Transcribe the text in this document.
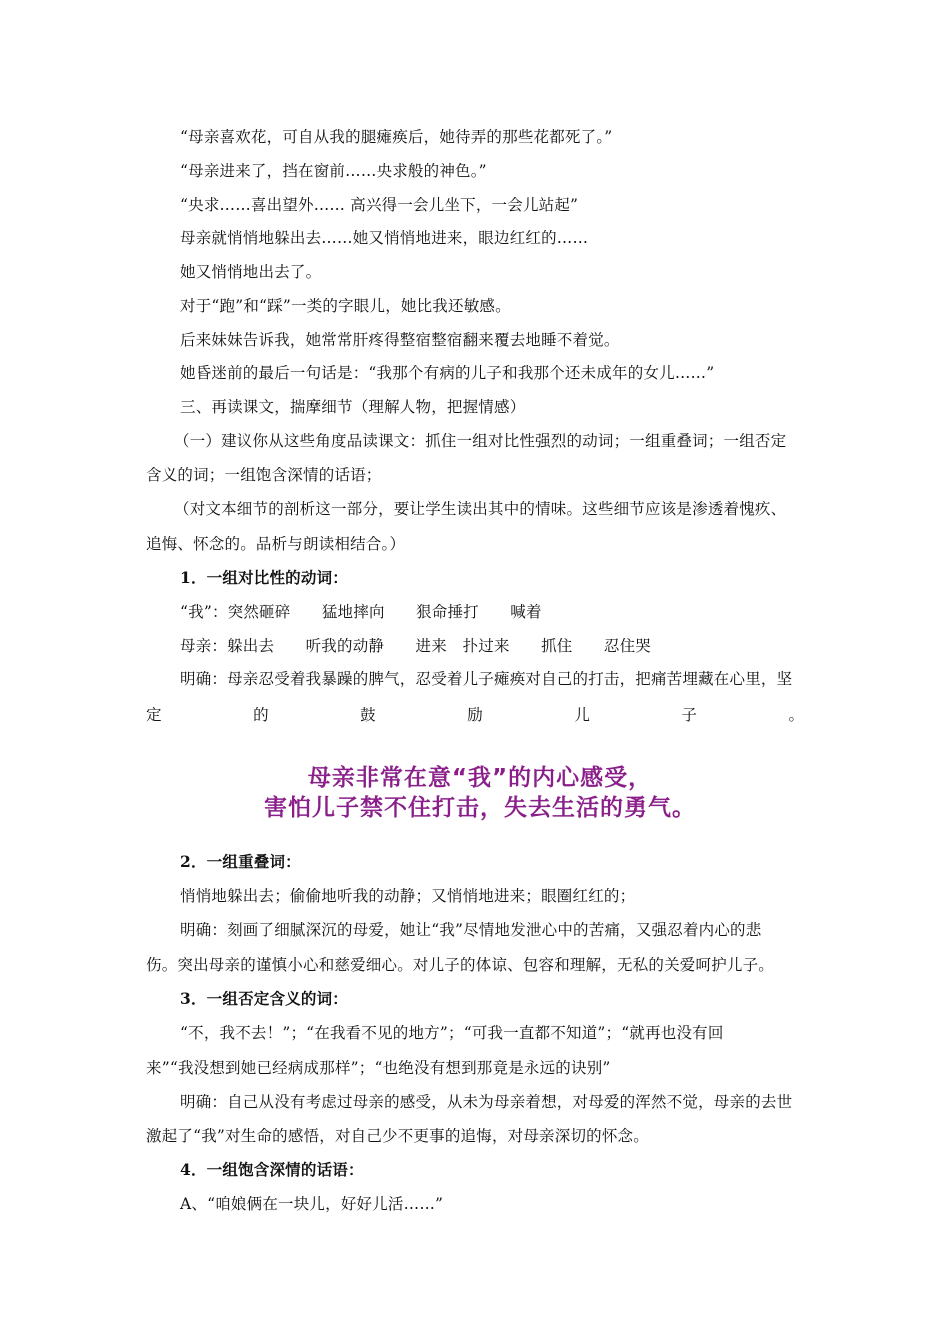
“母亲喜欢花，可自从我的腿瘫痪后，她待弄的那些花都死了。”
“母亲进来了，挡在窗前……央求般的神色。”
“央求……喜出望外…… 高兴得一会儿坐下，一会儿站起”
母亲就悄悄地躲出去……她又悄悄地进来，眼边红红的……
她又悄悄地出去了。
对于“跑”和“踩”一类的字眼儿，她比我还敏感。
后来妹妹告诉我，她常常肝疼得整宿整宿翻来覆去地睡不着觉。
她昏迷前的最后一句话是：“我那个有病的儿子和我那个还未成年的女儿……”
三、再读课文，揣摩细节（理解人物，把握情感）
（一）建议你从这些角度品读课文：抓住一组对比性强烈的动词；一组重叠词；一组否定
含义的词；一组饱含深情的话语；
（对文本细节的剖析这一部分，要让学生读出其中的情味。这些细节应该是渗透着愧疚、
追悔、怀念的。品析与朗读相结合。）
1．一组对比性的动词：
“我”：突然砸碎　　猛地摔向　　狠命捶打　　喊着
母亲：躲出去　　听我的动静　　进来　扑过来　　抓住　　忍住哭
明确：母亲忍受着我暴躁的脾气，忍受着儿子瘫痪对自己的打击，把痛苦埋藏在心里，坚
定	的	鼓	励	儿	子	。
母亲非常在意“我”的内心感受，
害怕儿子禁不住打击，失去生活的勇气。
2．一组重叠词：
悄悄地躲出去；偷偷地听我的动静；又悄悄地进来；眼圈红红的；
明确：刻画了细腻深沉的母爱，她让“我”尽情地发泄心中的苦痛，又强忍着内心的悲
伤。突出母亲的谨慎小心和慈爱细心。对儿子的体谅、包容和理解，无私的关爱呵护儿子。
3．一组否定含义的词：
“不，我不去！”；“在我看不见的地方”；“可我一直都不知道”；“就再也没有回
来”“我没想到她已经病成那样”；“也绝没有想到那竟是永远的诀别”
明确：自己从没有考虑过母亲的感受，从未为母亲着想，对母爱的浑然不觉，母亲的去世
激起了“我”对生命的感悟，对自己少不更事的追悔，对母亲深切的怀念。
4．一组饱含深情的话语：
A、“咱娘俩在一块儿，好好儿活……”
